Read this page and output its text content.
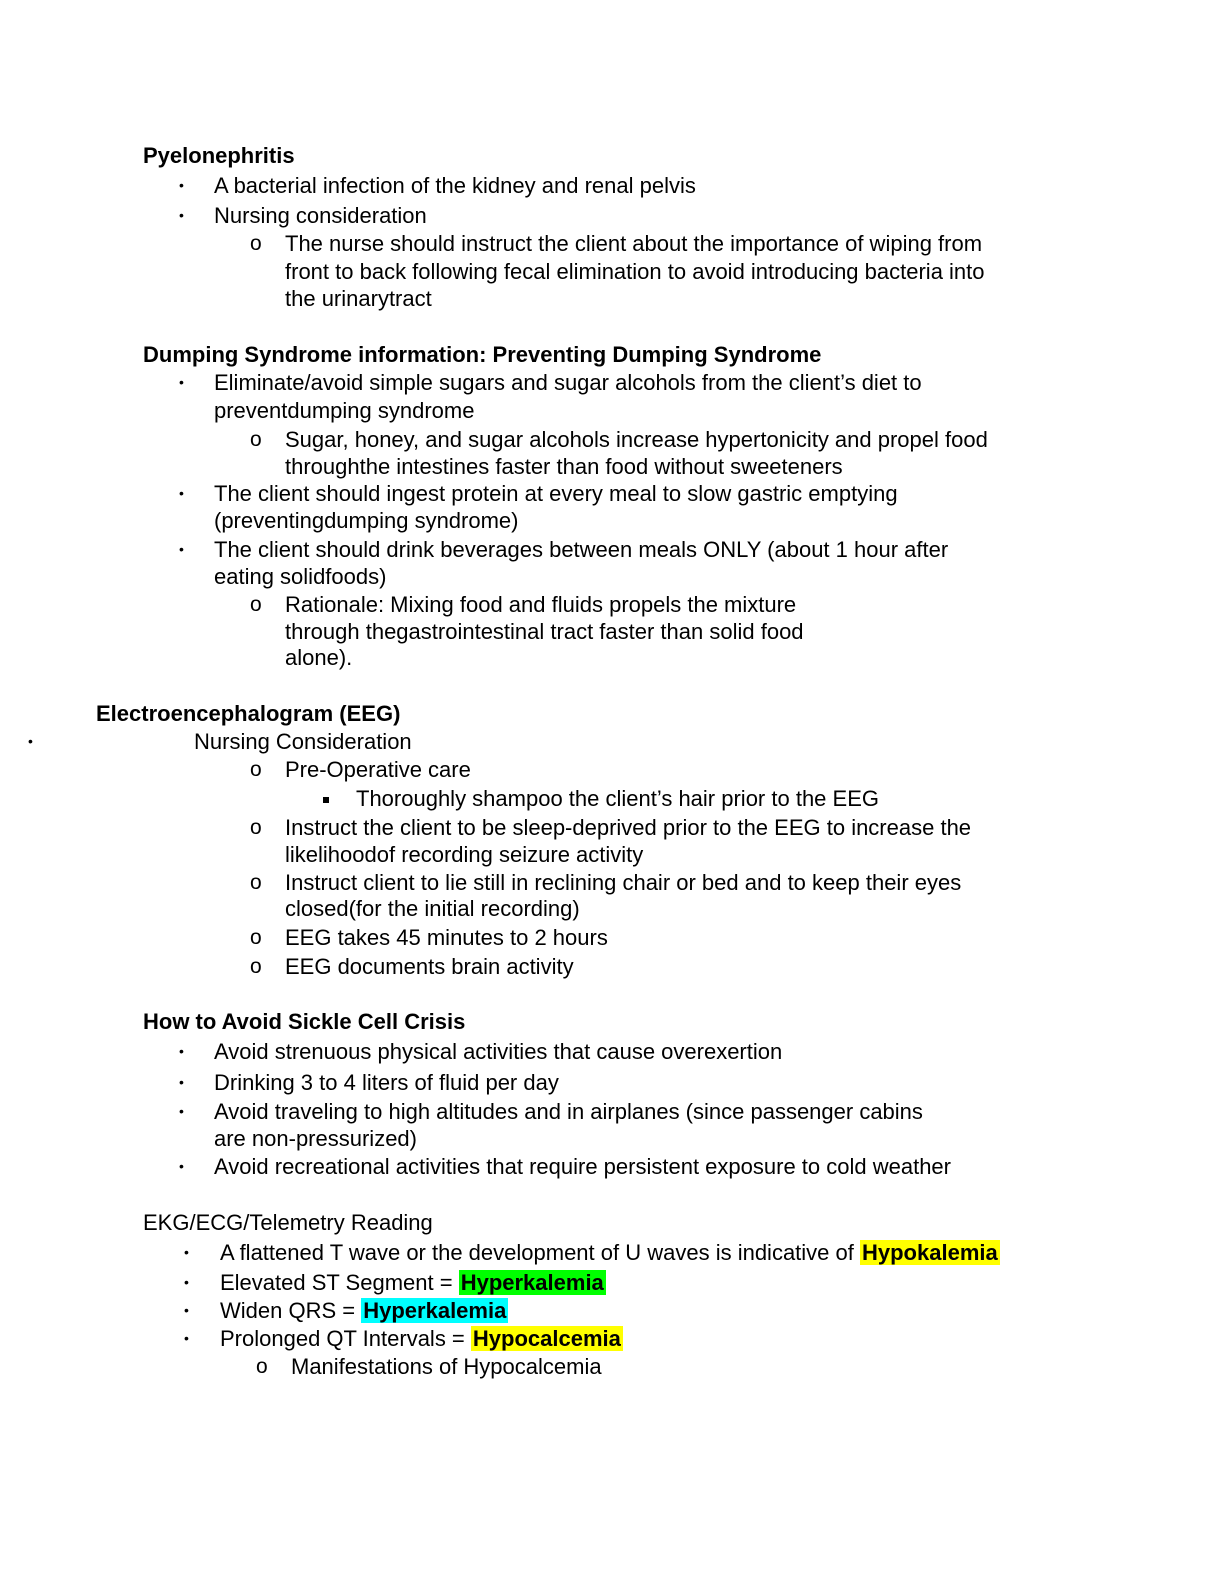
Pyelonephritis
• A bacterial infection of the kidney and renal pelvis
• Nursing consideration
o The nurse should instruct the client about the importance of wiping from
front to back following fecal elimination to avoid introducing bacteria into
the urinarytract
Dumping Syndrome information: Preventing Dumping Syndrome
• Eliminate/avoid simple sugars and sugar alcohols from the client’s diet to
preventdumping syndrome
o Sugar, honey, and sugar alcohols increase hypertonicity and propel food
throughthe intestines faster than food without sweeteners
• The client should ingest protein at every meal to slow gastric emptying
(preventingdumping syndrome)
• The client should drink beverages between meals ONLY (about 1 hour after
eating solidfoods)
o Rationale: Mixing food and fluids propels the mixture
through thegastrointestinal tract faster than solid food
alone).
Electroencephalogram (EEG)
•	Nursing Consideration
o Pre-Operative care
Thoroughly shampoo the client’s hair prior to the EEG
o Instruct the client to be sleep-deprived prior to the EEG to increase the
likelihoodof recording seizure activity
o Instruct client to lie still in reclining chair or bed and to keep their eyes
closed(for the initial recording)
o EEG takes 45 minutes to 2 hours
o EEG documents brain activity
How to Avoid Sickle Cell Crisis
• Avoid strenuous physical activities that cause overexertion
• Drinking 3 to 4 liters of fluid per day
• Avoid traveling to high altitudes and in airplanes (since passenger cabins
are non-pressurized)
• Avoid recreational activities that require persistent exposure to cold weather
EKG/ECG/Telemetry Reading
• A flattened T wave or the development of U waves is indicative of Hypokalemia
• Elevated ST Segment = Hyperkalemia
• Widen QRS = Hyperkalemia
• Prolonged QT Intervals = Hypocalcemia
o Manifestations of Hypocalcemia
